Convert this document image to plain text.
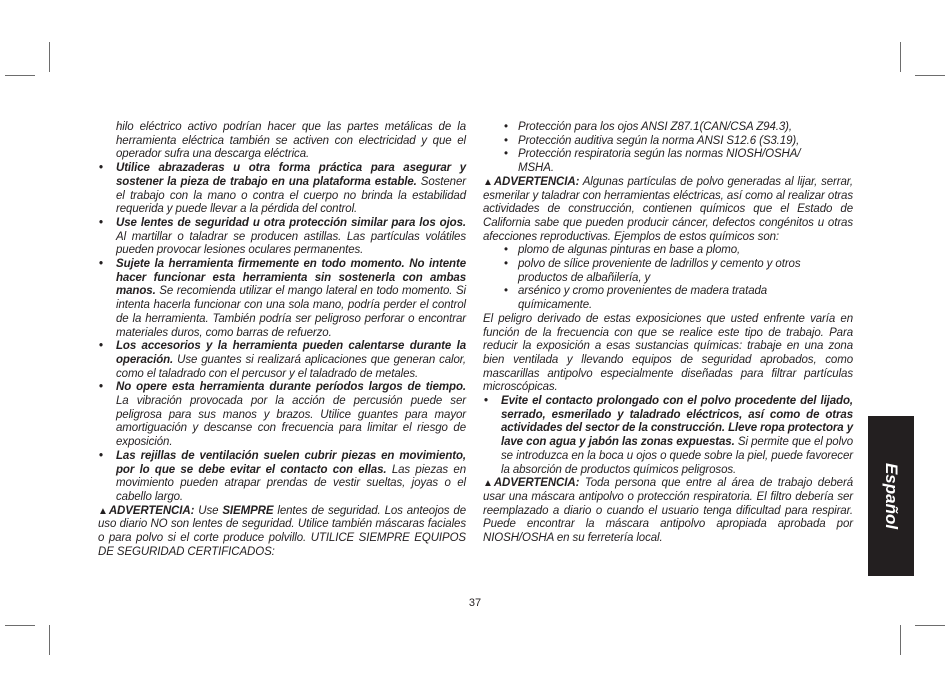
hilo eléctrico activo podrían hacer que las partes metálicas de la herramienta eléctrica también se activen con electricidad y que el operador sufra una descarga eléctrica.

• Utilice abrazaderas u otra forma práctica para asegurar y sostener la pieza de trabajo en una plataforma estable. Sostener el trabajo con la mano o contra el cuerpo no brinda la estabilidad requerida y puede llevar a la pérdida del control.
• Use lentes de seguridad u otra protección similar para los ojos. Al martillar o taladrar se producen astillas. Las partículas volátiles pueden provocar lesiones oculares permanentes.
• Sujete la herramienta firmemente en todo momento. No intente hacer funcionar esta herramienta sin sostenerla con ambas manos. Se recomienda utilizar el mango lateral en todo momento. Si intenta hacerla funcionar con una sola mano, podría perder el control de la herramienta. También podría ser peligroso perforar o encontrar materiales duros, como barras de refuerzo.
• Los accesorios y la herramienta pueden calentarse durante la operación. Use guantes si realizará aplicaciones que generan calor, como el taladrado con el percusor y el taladrado de metales.
• No opere esta herramienta durante períodos largos de tiempo. La vibración provocada por la acción de percusión puede ser peligrosa para sus manos y brazos. Utilice guantes para mayor amortiguación y descanse con frecuencia para limitar el riesgo de exposición.
• Las rejillas de ventilación suelen cubrir piezas en movimiento, por lo que se debe evitar el contacto con ellas. Las piezas en movimiento pueden atrapar prendas de vestir sueltas, joyas o el cabello largo.

▲ADVERTENCIA: Use SIEMPRE lentes de seguridad. Los anteojos de uso diario NO son lentes de seguridad. Utilice también máscaras faciales o para polvo si el corte produce polvillo. UTILICE SIEMPRE EQUIPOS DE SEGURIDAD CERTIFICADOS:

• Protección para los ojos ANSI Z87.1(CAN/CSA Z94.3),
• Protección auditiva según la norma ANSI S12.6 (S3.19),
• Protección respiratoria según las normas NIOSH/OSHA/ MSHA.

▲ADVERTENCIA: Algunas partículas de polvo generadas al lijar, serrar, esmerilar y taladrar con herramientas eléctricas, así como al realizar otras actividades de construcción, contienen químicos que el Estado de California sabe que pueden producir cáncer, defectos congénitos u otras afecciones reproductivas. Ejemplos de estos químicos son:

• plomo de algunas pinturas en base a plomo,
• polvo de sílice proveniente de ladrillos y cemento y otros productos de albañilería, y
• arsénico y cromo provenientes de madera tratada químicamente.

El peligro derivado de estas exposiciones que usted enfrente varía en función de la frecuencia con que se realice este tipo de trabajo. Para reducir la exposición a esas sustancias químicas: trabaje en una zona bien ventilada y llevando equipos de seguridad aprobados, como mascarillas antipolvo especialmente diseñadas para filtrar partículas microscópicas.

• Evite el contacto prolongado con el polvo procedente del lijado, serrado, esmerilado y taladrado eléctricos, así como de otras actividades del sector de la construcción. Lleve ropa protectora y lave con agua y jabón las zonas expuestas. Si permite que el polvo se introduzca en la boca u ojos o quede sobre la piel, puede favorecer la absorción de productos químicos peligrosos.

▲ADVERTENCIA: Toda persona que entre al área de trabajo deberá usar una máscara antipolvo o protección respiratoria. El filtro debería ser reemplazado a diario o cuando el usuario tenga dificultad para respirar. Puede encontrar la máscara antipolvo apropiada aprobada por NIOSH/OSHA en su ferretería local.

Español
37
